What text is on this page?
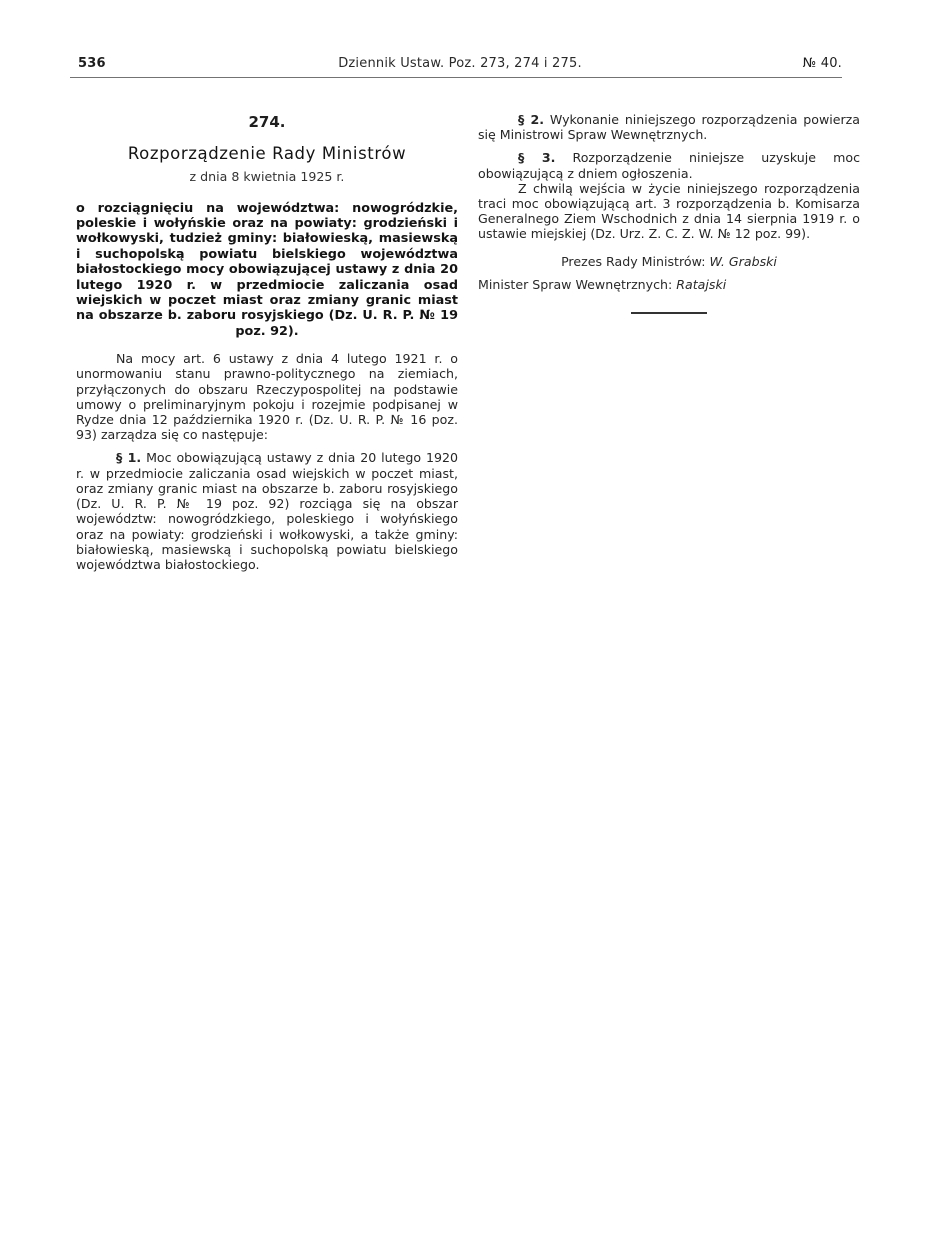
536	Dziennik Ustaw. Poz. 273, 274 i 275.	№ 40.
274.
Rozporządzenie Rady Ministrów
z dnia 8 kwietnia 1925 r.
o rozciągnięciu na województwa: nowogródzkie, poleskie i wołyńskie oraz na powiaty: grodzieński i wołkowyski, tudzież gminy: białowieską, masiewską i suchopolską powiatu bielskiego województwa białostockiego mocy obowiązującej ustawy z dnia 20 lutego 1920 r. w przedmiocie zaliczania osad wiejskich w poczet miast oraz zmiany granic miast na obszarze b. zaboru rosyjskiego (Dz. U. R. P. № 19 poz. 92).

Na mocy art. 6 ustawy z dnia 4 lutego 1921 r. o unormowaniu stanu prawno-politycznego na ziemiach, przyłączonych do obszaru Rzeczypospolitej na podstawie umowy o preliminaryjnym pokoju i rozejmie podpisanej w Rydze dnia 12 października 1920 r. (Dz. U. R. P. № 16 poz. 93) zarządza się co następuje:

§ 1. Moc obowiązującą ustawy z dnia 20 lutego 1920 r. w przedmiocie zaliczania osad wiejskich w poczet miast, oraz zmiany granic miast na obszarze b. zaboru rosyjskiego (Dz. U. R. P. № 19 poz. 92) rozciąga się na obszar województw: nowogródzkiego, poleskiego i wołyńskiego oraz na powiaty: grodzieński i wołkowyski, a także gminy: białowieską, masiewską i suchopolską powiatu bielskiego województwa białostockiego.

§ 2. Wykonanie niniejszego rozporządzenia powierza się Ministrowi Spraw Wewnętrznych.

§ 3. Rozporządzenie niniejsze uzyskuje moc obowiązującą z dniem ogłoszenia.

Z chwilą wejścia w życie niniejszego rozporządzenia traci moc obowiązującą art. 3 rozporządzenia b. Komisarza Generalnego Ziem Wschodnich z dnia 14 sierpnia 1919 r. o ustawie miejskiej (Dz. Urz. Z. C. Z. W. № 12 poz. 99).

Prezes Rady Ministrów: W. Grabski
Minister Spraw Wewnętrznych: Ratajski
